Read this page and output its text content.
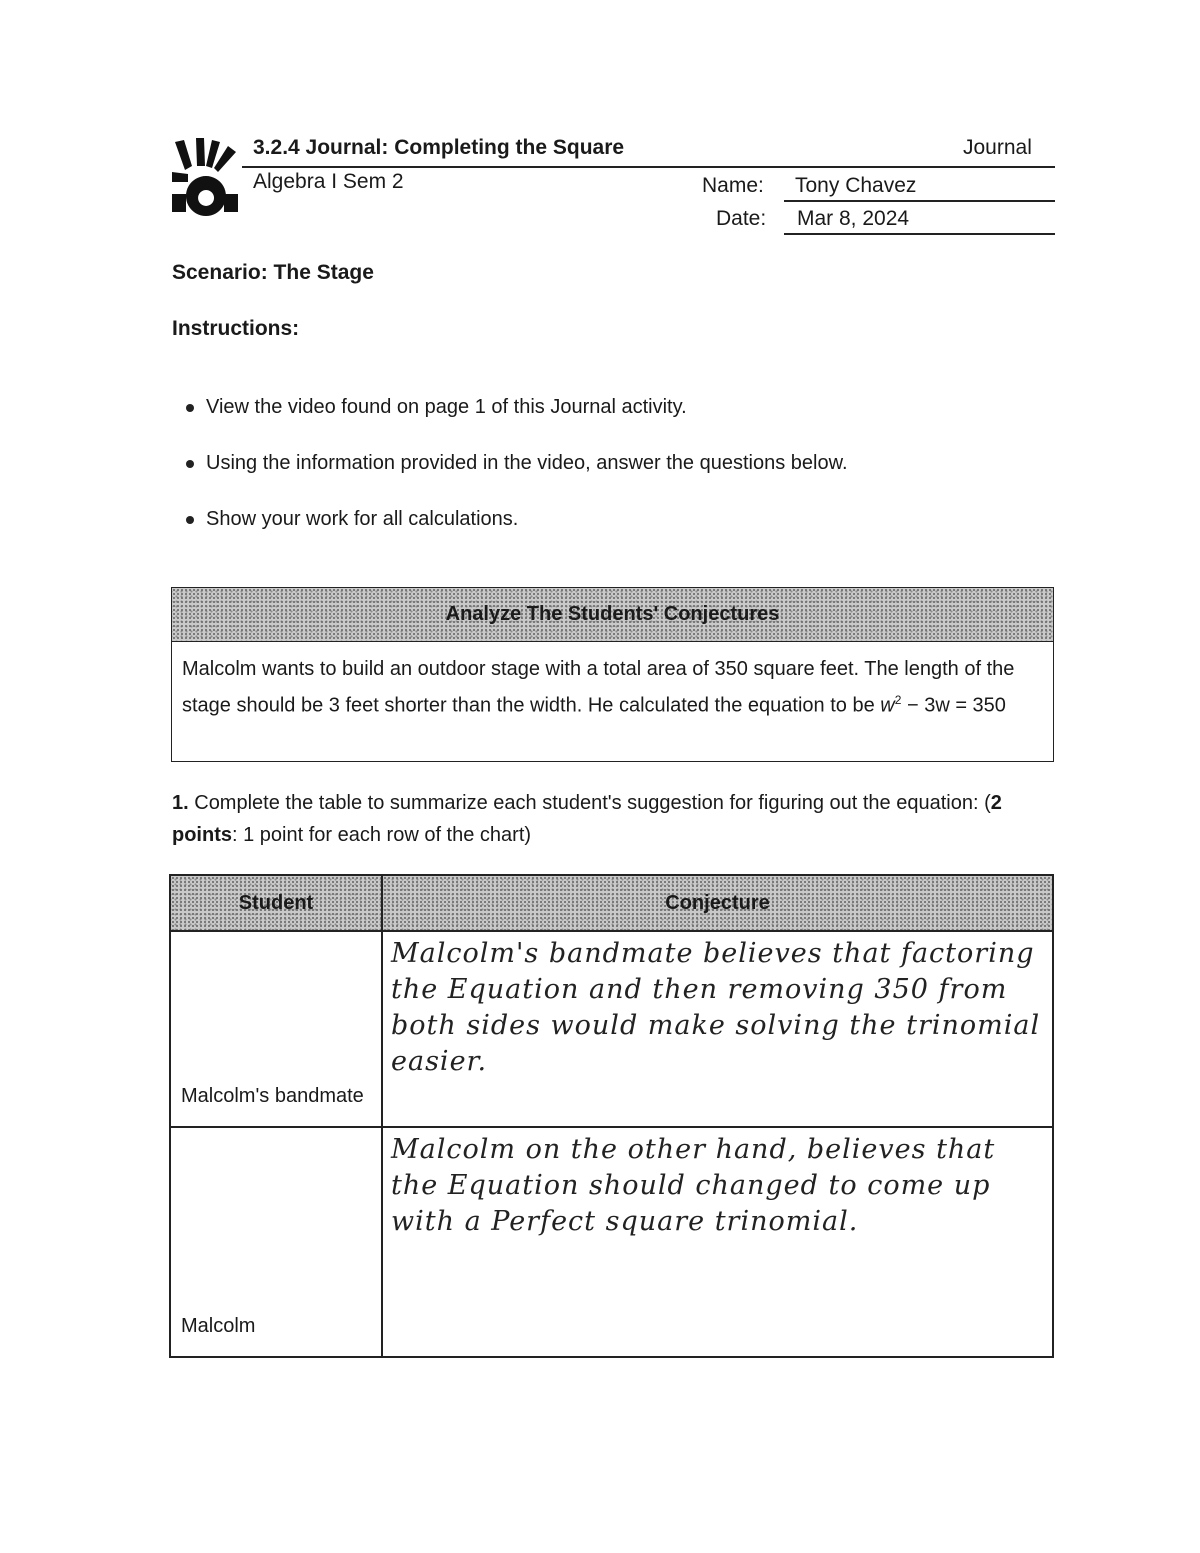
3.2.4 Journal: Completing the Square	Journal
Algebra I Sem 2	Name: Tony Chavez
Date: Mar 8, 2024
Scenario: The Stage
Instructions:
View the video found on page 1 of this Journal activity.
Using the information provided in the video, answer the questions below.
Show your work for all calculations.
Analyze The Students' Conjectures
Malcolm wants to build an outdoor stage with a total area of 350 square feet. The length of the stage should be 3 feet shorter than the width. He calculated the equation to be $w^2 - 3w = 350$
1. Complete the table to summarize each student's suggestion for figuring out the equation: (2 points: 1 point for each row of the chart)
Student	Conjecture
Malcolm's bandmate	Malcolm's bandmate believes that factoring the Equation and then removing 350 from both sides would make solving the trinomial easier.

Malcolm	Malcolm on the other hand, believes that the Equation should changed to come up with a Perfect square trinomial.
